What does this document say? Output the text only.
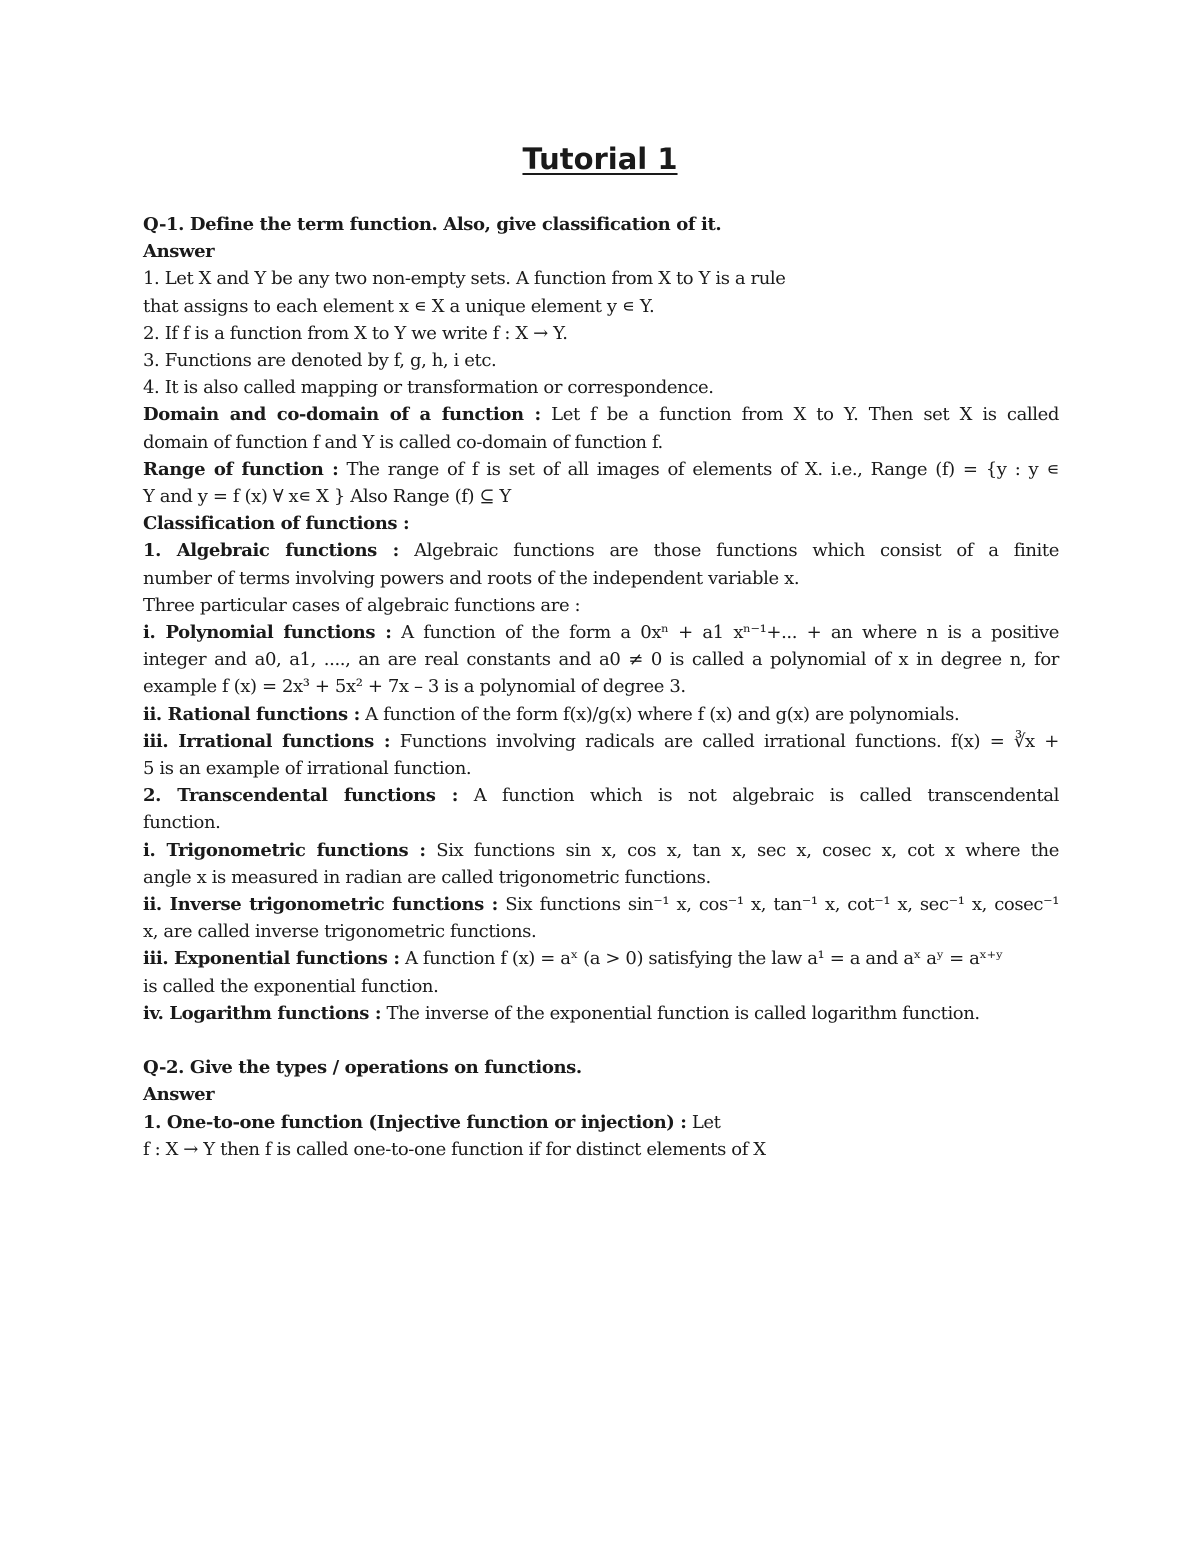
Tutorial 1
Q-1. Define the term function. Also, give classification of it.
Answer
1. Let X and Y be any two non-empty sets. A function from X to Y is a rule
that assigns to each element x ∊ X a unique element y ∊ Y.
2. If f is a function from X to Y we write f : X → Y.
3. Functions are denoted by f, g, h, i etc.
4. It is also called mapping or transformation or correspondence.
Domain and co-domain of a function : Let f be a function from X to Y. Then set X is called
domain of function f and Y is called co-domain of function f.
Range of function : The range of f is set of all images of elements of X. i.e., Range (f) = {y : y ∊
Y and y = f (x) ∀ x∊ X } Also Range (f) ⊆ Y
Classification of functions :
1. Algebraic functions : Algebraic functions are those functions which consist of a finite
number of terms involving powers and roots of the independent variable x.
Three particular cases of algebraic functions are :
i. Polynomial functions : A function of the form a 0xⁿ + a1 xⁿ⁻¹+... + an where n is a positive
integer and a0, a1, ...., an are real constants and a0 ≠ 0 is called a polynomial of x in degree n, for
example f (x) = 2x³ + 5x² + 7x – 3 is a polynomial of degree 3.
ii. Rational functions : A function of the form f(x)/g(x) where f (x) and g(x) are polynomials.
iii. Irrational functions : Functions involving radicals are called irrational functions. f(x) = ∛x +
5 is an example of irrational function.
2. Transcendental functions : A function which is not algebraic is called transcendental
function.
i. Trigonometric functions : Six functions sin x, cos x, tan x, sec x, cosec x, cot x where the
angle x is measured in radian are called trigonometric functions.
ii. Inverse trigonometric functions : Six functions sin⁻¹ x, cos⁻¹ x, tan⁻¹ x, cot⁻¹ x, sec⁻¹ x, cosec⁻¹
x, are called inverse trigonometric functions.
iii. Exponential functions : A function f (x) = aˣ (a > 0) satisfying the law a¹ = a and aˣ aʸ = aˣ⁺ʸ
is called the exponential function.
iv. Logarithm functions : The inverse of the exponential function is called logarithm function.
Q-2. Give the types / operations on functions.
Answer
1. One-to-one function (Injective function or injection) : Let
f : X → Y then f is called one-to-one function if for distinct elements of X
